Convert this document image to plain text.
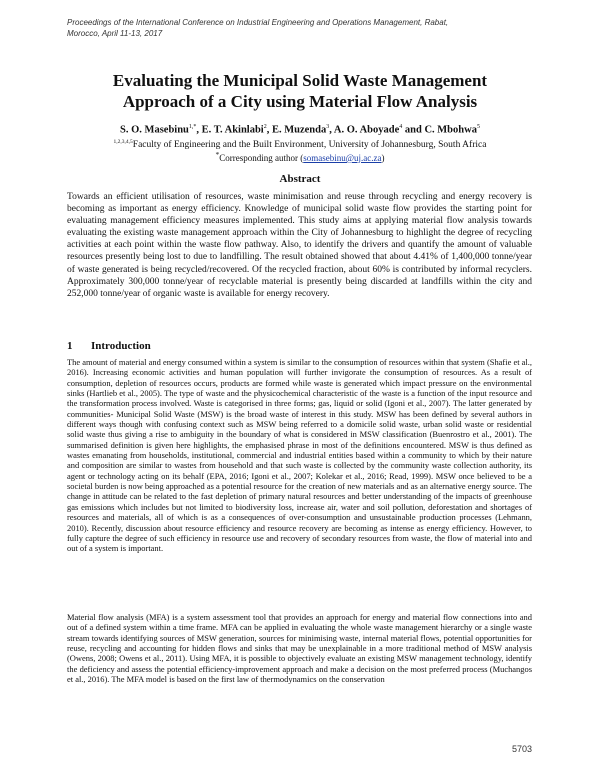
Proceedings of the International Conference on Industrial Engineering and Operations Management, Rabat,
Morocco, April 11-13, 2017
Evaluating the Municipal Solid Waste Management
Approach of a City using Material Flow Analysis
S. O. Masebinu$^{1,*}$, E. T. Akinlabi$^2$, E. Muzenda$^3$, A. O. Aboyade$^4$ and C. Mbohwa$^5$
$^{1,2,3,4,5}$Faculty of Engineering and the Built Environment, University of Johannesburg, South Africa
*Corresponding author (somasebinu@uj.ac.za)
Abstract

Towards an efficient utilisation of resources, waste minimisation and reuse through recycling and energy recovery is becoming as important as energy efficiency. Knowledge of municipal solid waste flow provides the starting point for evaluating management efficiency measures implemented. This study aims at applying material flow analysis towards evaluating the existing waste management approach within the City of Johannesburg to highlight the degree of recycling activities at each point within the waste flow pathway. Also, to identify the drivers and quantify the amount of valuable resources presently being lost to due to landfilling. The result obtained showed that about 4.41% of 1,400,000 tonne/year of waste generated is being recycled/recovered. Of the recycled fraction, about 60% is contributed by informal recyclers. Approximately 300,000 tonne/year of recyclable material is presently being discarded at landfills within the city and 252,000 tonne/year of organic waste is available for energy recovery.

1 Introduction

The amount of material and energy consumed within a system is similar to the consumption of resources within that system (Shafie et al., 2016). Increasing economic activities and human population will further invigorate the consumption of resources. As a result of consumption, depletion of resources occurs, products are formed while waste is generated which impact pressure on the environmental sinks (Hartlieb et al., 2005). The type of waste and the physicochemical characteristic of the waste is a function of the input resource and the transformation process involved. Waste is categorised in three forms; gas, liquid or solid (Igoni et al., 2007). The latter generated by communities- Municipal Solid Waste (MSW) is the broad waste of interest in this study. MSW has been defined by several authors in different ways though with confusing context such as MSW being referred to a domicile solid waste, urban solid waste or residential solid waste thus giving a rise to ambiguity in the boundary of what is considered in MSW classification (Buenrostro et al., 2001). The summarised definition is given here highlights, the emphasised phrase in most of the definitions encountered. MSW is thus defined as wastes emanating from households, institutional, commercial and industrial entities based within a community to which by their nature and composition are similar to wastes from household and that such waste is collected by the community waste collection authority, its agent or technology acting on its behalf (EPA, 2016; Igoni et al., 2007; Kolekar et al., 2016; Read, 1999). MSW once believed to be a societal burden is now being approached as a potential resource for the creation of new materials and as an alternative energy source. The change in attitude can be related to the fast depletion of primary natural resources and better understanding of the impacts of greenhouse gas emissions which includes but not limited to biodiversity loss, increase air, water and soil pollution, deforestation and shortages of resources and materials, all of which is as a consequences of over-consumption and unsustainable production processes (Lehmann, 2010). Recently, discussion about resource efficiency and resource recovery are becoming as intense as energy efficiency. However, to fully capture the degree of such efficiency in resource use and recovery of secondary resources from waste, the flow of material into and out of a system is important.

Material flow analysis (MFA) is a system assessment tool that provides an approach for energy and material flow connections into and out of a defined system within a time frame. MFA can be applied in evaluating the whole waste management hierarchy or a single waste stream towards identifying sources of MSW generation, sources for minimising waste, internal material flows, potential opportunities for reuse, recycling and accounting for hidden flows and sinks that may be unexplainable in a more traditional method of MSW analysis (Owens, 2008; Owens et al., 2011). Using MFA, it is possible to objectively evaluate an existing MSW management technology, identify the deficiency and assess the potential efficiency-improvement approach and make a decision on the most preferred process (Muchangos et al., 2016). The MFA model is based on the first law of thermodynamics on the conservation

5703
